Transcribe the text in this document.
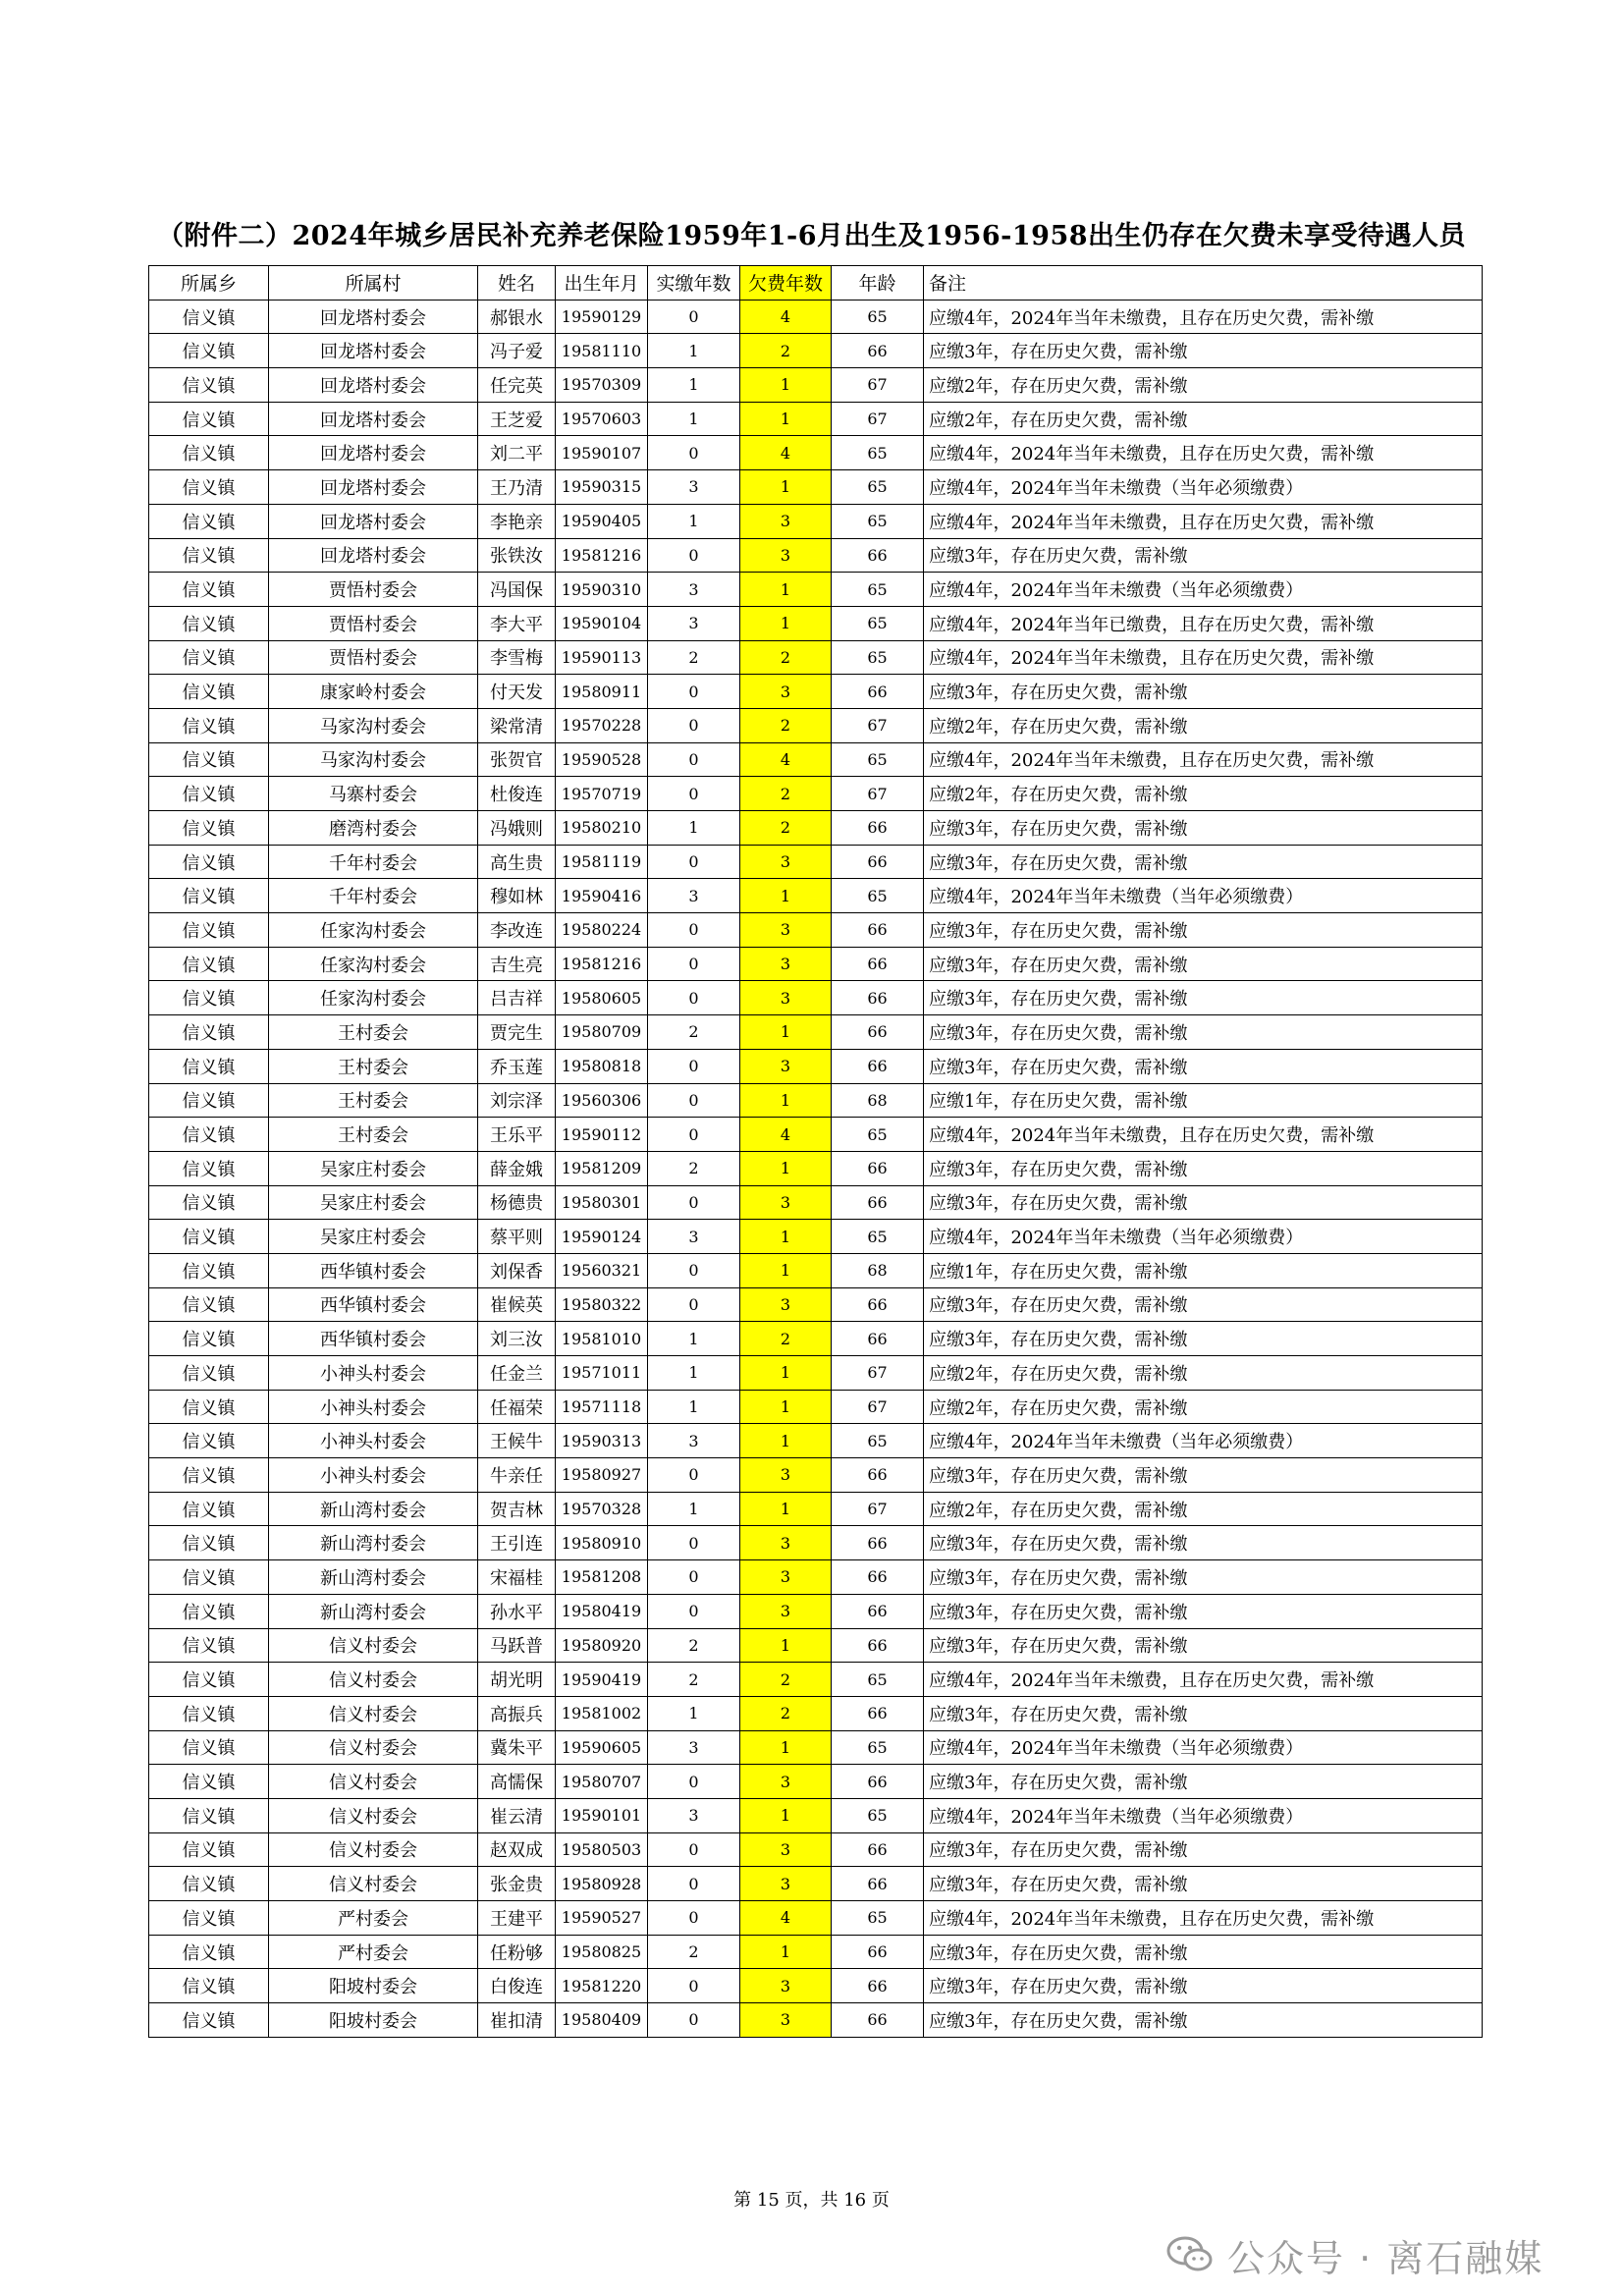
（附件二）2024年城乡居民补充养老保险1959年1-6月出生及1956-1958出生仍存在欠费未享受待遇人员
所属乡	所属村	姓名	出生年月	实缴年数	欠费年数	年龄	备注
信义镇	回龙塔村委会	郝银水	19590129	0	4	65	应缴4年，2024年当年未缴费，且存在历史欠费，需补缴
信义镇	回龙塔村委会	冯子爱	19581110	1	2	66	应缴3年，存在历史欠费，需补缴
信义镇	回龙塔村委会	任完英	19570309	1	1	67	应缴2年，存在历史欠费，需补缴
信义镇	回龙塔村委会	王芝爱	19570603	1	1	67	应缴2年，存在历史欠费，需补缴
信义镇	回龙塔村委会	刘二平	19590107	0	4	65	应缴4年，2024年当年未缴费，且存在历史欠费，需补缴
信义镇	回龙塔村委会	王乃清	19590315	3	1	65	应缴4年，2024年当年未缴费（当年必须缴费）
信义镇	回龙塔村委会	李艳亲	19590405	1	3	65	应缴4年，2024年当年未缴费，且存在历史欠费，需补缴
信义镇	回龙塔村委会	张铁汝	19581216	0	3	66	应缴3年，存在历史欠费，需补缴
信义镇	贾悟村委会	冯国保	19590310	3	1	65	应缴4年，2024年当年未缴费（当年必须缴费）
信义镇	贾悟村委会	李大平	19590104	3	1	65	应缴4年，2024年当年已缴费，且存在历史欠费，需补缴
信义镇	贾悟村委会	李雪梅	19590113	2	2	65	应缴4年，2024年当年未缴费，且存在历史欠费，需补缴
信义镇	康家岭村委会	付天发	19580911	0	3	66	应缴3年，存在历史欠费，需补缴
信义镇	马家沟村委会	梁常清	19570228	0	2	67	应缴2年，存在历史欠费，需补缴
信义镇	马家沟村委会	张贺官	19590528	0	4	65	应缴4年，2024年当年未缴费，且存在历史欠费，需补缴
信义镇	马寨村委会	杜俊连	19570719	0	2	67	应缴2年，存在历史欠费，需补缴
信义镇	磨湾村委会	冯娥则	19580210	1	2	66	应缴3年，存在历史欠费，需补缴
信义镇	千年村委会	高生贵	19581119	0	3	66	应缴3年，存在历史欠费，需补缴
信义镇	千年村委会	穆如林	19590416	3	1	65	应缴4年，2024年当年未缴费（当年必须缴费）
信义镇	任家沟村委会	李改连	19580224	0	3	66	应缴3年，存在历史欠费，需补缴
信义镇	任家沟村委会	吉生亮	19581216	0	3	66	应缴3年，存在历史欠费，需补缴
信义镇	任家沟村委会	吕吉祥	19580605	0	3	66	应缴3年，存在历史欠费，需补缴
信义镇	王村委会	贾完生	19580709	2	1	66	应缴3年，存在历史欠费，需补缴
信义镇	王村委会	乔玉莲	19580818	0	3	66	应缴3年，存在历史欠费，需补缴
信义镇	王村委会	刘宗泽	19560306	0	1	68	应缴1年，存在历史欠费，需补缴
信义镇	王村委会	王乐平	19590112	0	4	65	应缴4年，2024年当年未缴费，且存在历史欠费，需补缴
信义镇	吴家庄村委会	薛金娥	19581209	2	1	66	应缴3年，存在历史欠费，需补缴
信义镇	吴家庄村委会	杨德贵	19580301	0	3	66	应缴3年，存在历史欠费，需补缴
信义镇	吴家庄村委会	蔡平则	19590124	3	1	65	应缴4年，2024年当年未缴费（当年必须缴费）
信义镇	西华镇村委会	刘保香	19560321	0	1	68	应缴1年，存在历史欠费，需补缴
信义镇	西华镇村委会	崔候英	19580322	0	3	66	应缴3年，存在历史欠费，需补缴
信义镇	西华镇村委会	刘三汝	19581010	1	2	66	应缴3年，存在历史欠费，需补缴
信义镇	小神头村委会	任金兰	19571011	1	1	67	应缴2年，存在历史欠费，需补缴
信义镇	小神头村委会	任福荣	19571118	1	1	67	应缴2年，存在历史欠费，需补缴
信义镇	小神头村委会	王候牛	19590313	3	1	65	应缴4年，2024年当年未缴费（当年必须缴费）
信义镇	小神头村委会	牛亲任	19580927	0	3	66	应缴3年，存在历史欠费，需补缴
信义镇	新山湾村委会	贺吉林	19570328	1	1	67	应缴2年，存在历史欠费，需补缴
信义镇	新山湾村委会	王引连	19580910	0	3	66	应缴3年，存在历史欠费，需补缴
信义镇	新山湾村委会	宋福桂	19581208	0	3	66	应缴3年，存在历史欠费，需补缴
信义镇	新山湾村委会	孙水平	19580419	0	3	66	应缴3年，存在历史欠费，需补缴
信义镇	信义村委会	马跃普	19580920	2	1	66	应缴3年，存在历史欠费，需补缴
信义镇	信义村委会	胡光明	19590419	2	2	65	应缴4年，2024年当年未缴费，且存在历史欠费，需补缴
信义镇	信义村委会	高振兵	19581002	1	2	66	应缴3年，存在历史欠费，需补缴
信义镇	信义村委会	冀朱平	19590605	3	1	65	应缴4年，2024年当年未缴费（当年必须缴费）
信义镇	信义村委会	高懦保	19580707	0	3	66	应缴3年，存在历史欠费，需补缴
信义镇	信义村委会	崔云清	19590101	3	1	65	应缴4年，2024年当年未缴费（当年必须缴费）
信义镇	信义村委会	赵双成	19580503	0	3	66	应缴3年，存在历史欠费，需补缴
信义镇	信义村委会	张金贵	19580928	0	3	66	应缴3年，存在历史欠费，需补缴
信义镇	严村委会	王建平	19590527	0	4	65	应缴4年，2024年当年未缴费，且存在历史欠费，需补缴
信义镇	严村委会	任粉够	19580825	2	1	66	应缴3年，存在历史欠费，需补缴
信义镇	阳坡村委会	白俊连	19581220	0	3	66	应缴3年，存在历史欠费，需补缴
信义镇	阳坡村委会	崔扣清	19580409	0	3	66	应缴3年，存在历史欠费，需补缴
第 15 页，共 16 页
公众号 · 离石融媒
